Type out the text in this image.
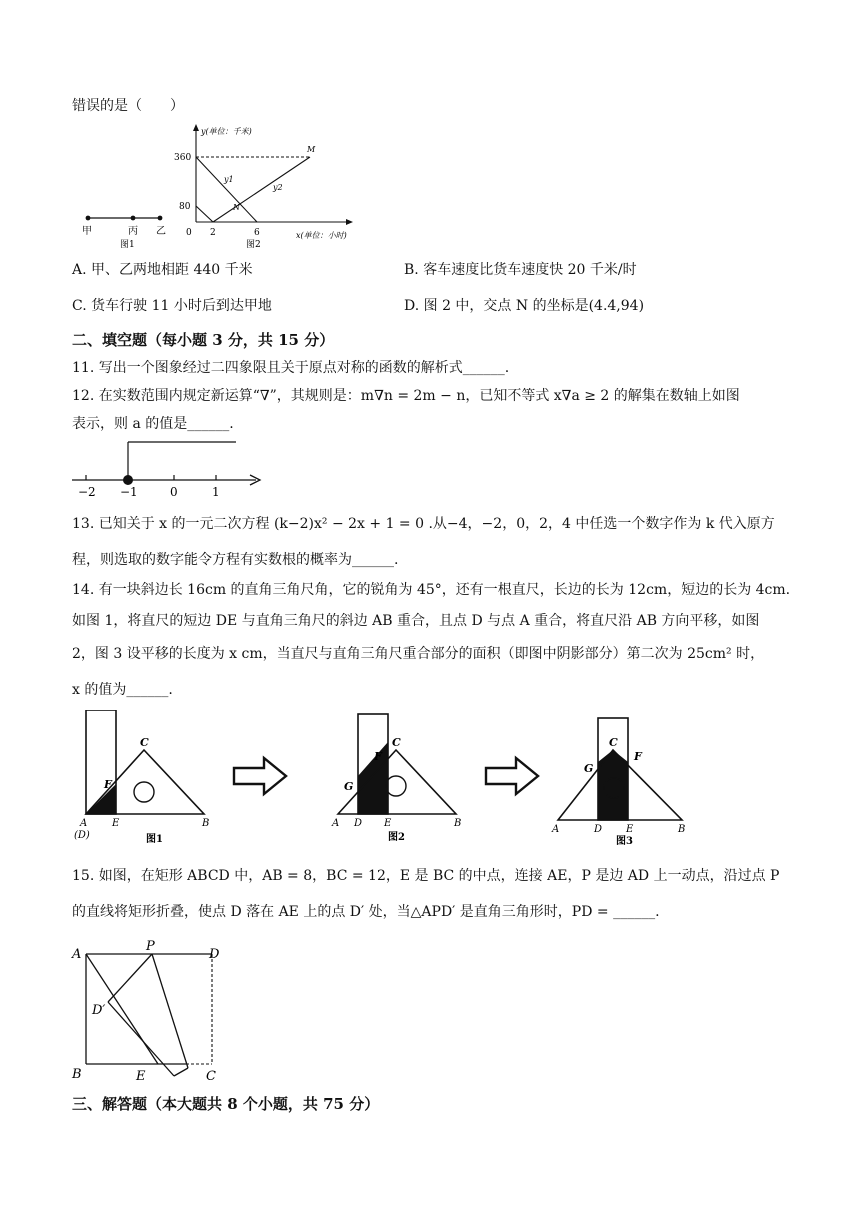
错误的是（　　）
甲	丙 乙
图1
y(单位：千米)
x(单位：小时)
360
80
0 2	6
y1
y2
M
N
图2
A. 甲、乙两地相距 440 千米	B. 客车速度比货车速度快 20 千米/时
C. 货车行驶 11 小时后到达甲地	D. 图 2 中，交点 N 的坐标是(4.4,94)
二、填空题（每小题 3 分，共 15 分）
11. 写出一个图象经过二四象限且关于原点对称的函数的解析式______.
12. 在实数范围内规定新运算“∇”，其规则是：m∇n = 2m − n，已知不等式 x∇a ≥ 2 的解集在数轴上如图
表示，则 a 的值是______.
−2 −1	0	1
13. 已知关于 x 的一元二次方程 (k−2)x² − 2x + 1 = 0 .从−4，−2，0，2，4 中任选一个数字作为 k 代入原方
程，则选取的数字能令方程有实数根的概率为______.
14. 有一块斜边长 16cm 的直角三角尺角，它的锐角为 45°，还有一根直尺，长边的长为 12cm，短边的长为 4cm.
如图 1，将直尺的短边 DE 与直角三角尺的斜边 AB 重合，且点 D 与点 A 重合，将直尺沿 AB 方向平移，如图
2，图 3 设平移的长度为 x cm，当直尺与直角三角尺重合部分的面积（即图中阴影部分）第二次为 25cm² 时，
x 的值为______.
C
F
A
(D)
E	B
图1
C
F
G
A D E	B
图2
C
F
G
A	D E	B
图3
15. 如图，在矩形 ABCD 中，AB = 8，BC = 12，E 是 BC 的中点，连接 AE，P 是边 AD 上一动点，沿过点 P
的直线将矩形折叠，使点 D 落在 AE 上的点 D′ 处，当△APD′ 是直角三角形时，PD = ______.
A
P
D
D′
B	E	C
三、解答题（本大题共 8 个小题，共 75 分）
